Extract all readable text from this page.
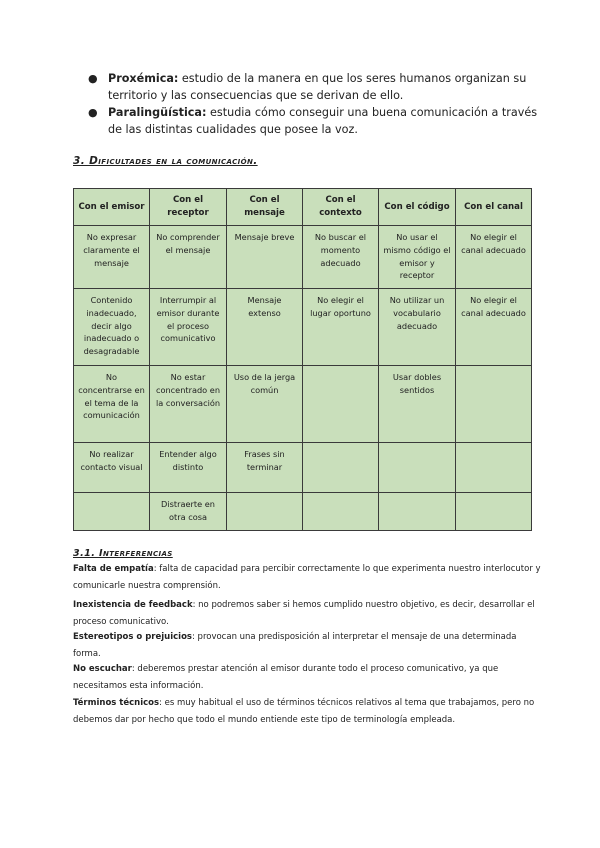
● Proxémica: estudio de la manera en que los seres humanos organizan su territorio y las consecuencias que se derivan de ello.
● Paralingüística: estudia cómo conseguir una buena comunicación a través de las distintas cualidades que posee la voz.
3. Dificultades en la comunicación.
Con el emisor	Con el receptor	Con el mensaje	Con el contexto	Con el código	Con el canal
No expresar claramente el mensaje	No comprender el mensaje	Mensaje breve	No buscar el momento adecuado	No usar el mismo código el emisor y receptor	No elegir el canal adecuado
Contenido inadecuado, decir algo inadecuado o desagradable	Interrumpir al emisor durante el proceso comunicativo	Mensaje extenso	No elegir el lugar oportuno	No utilizar un vocabulario adecuado	No elegir el canal adecuado
No concentrarse en el tema de la comunicación	No estar concentrado en la conversación	Uso de la jerga común		Usar dobles sentidos	
No realizar contacto visual	Entender algo distinto	Frases sin terminar			
	Distraerte en otra cosa				
3.1. Interferencias
Falta de empatía: falta de capacidad para percibir correctamente lo que experimenta nuestro interlocutor y comunicarle nuestra comprensión.
Inexistencia de feedback: no podremos saber si hemos cumplido nuestro objetivo, es decir, desarrollar el proceso comunicativo.
Estereotipos o prejuicios: provocan una predisposición al interpretar el mensaje de una determinada forma.
No escuchar: deberemos prestar atención al emisor durante todo el proceso comunicativo, ya que necesitamos esta información.
Términos técnicos: es muy habitual el uso de términos técnicos relativos al tema que trabajamos, pero no debemos dar por hecho que todo el mundo entiende este tipo de terminología empleada.
